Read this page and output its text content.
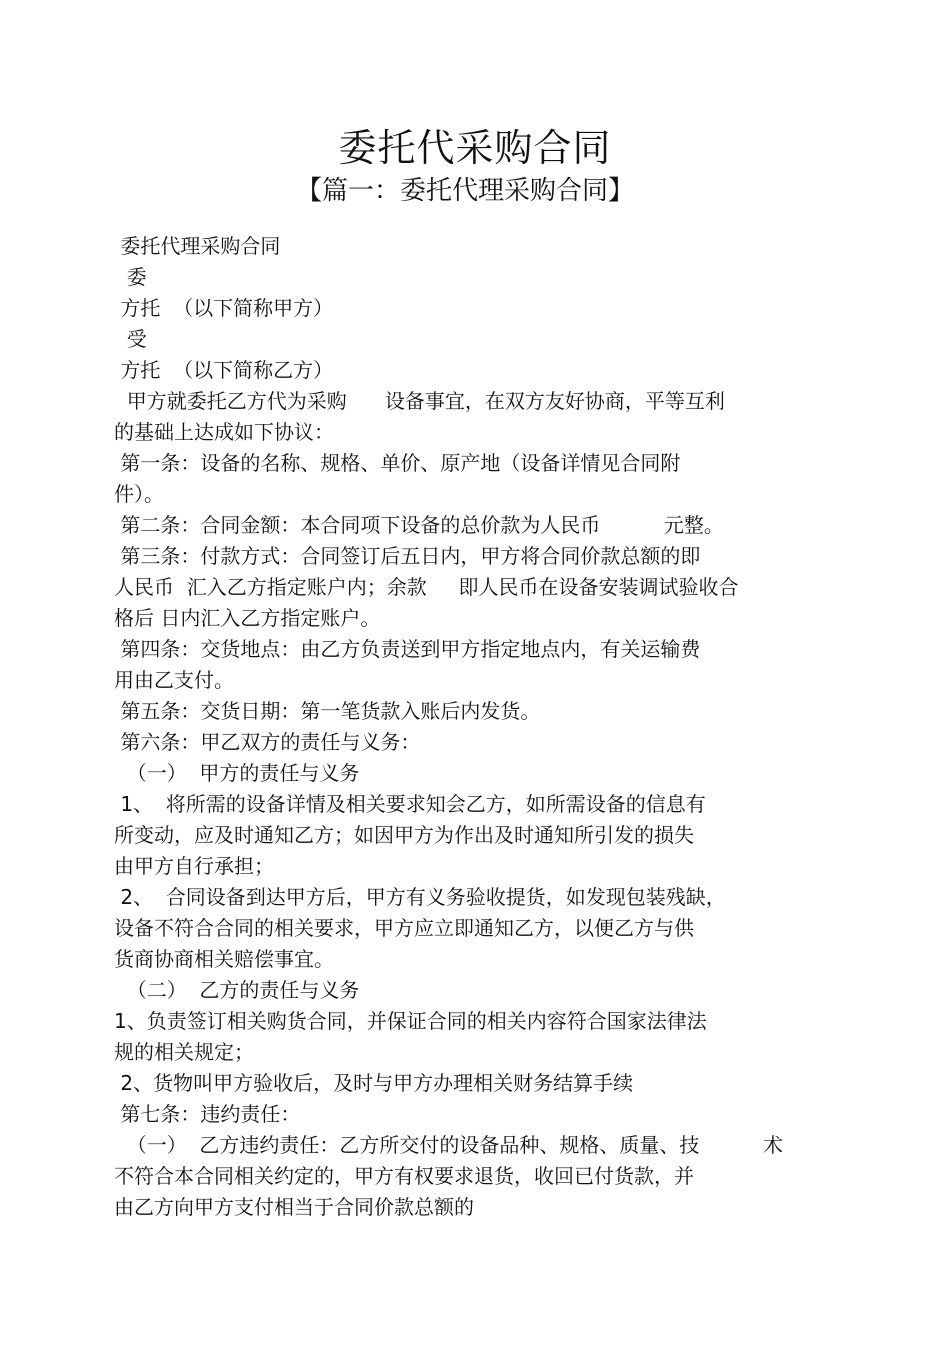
委托代采购合同
【篇一：委托代理采购合同】
委托代理采购合同
委
方托  （以下简称甲方）
受
方托  （以下简称乙方）
甲方就委托乙方代为采购      设备事宜，在双方友好协商，平等互利
的基础上达成如下协议：
第一条：设备的名称、规格、单价、原产地（设备详情见合同附
件）。
第二条：合同金额：本合同项下设备的总价款为人民币          元整。
第三条：付款方式：合同签订后五日内，甲方将合同价款总额的即
人民币  汇入乙方指定账户内；余款     即人民币在设备安装调试验收合
格后 日内汇入乙方指定账户。
第四条：交货地点：由乙方负责送到甲方指定地点内，有关运输费
用由乙支付。
第五条：交货日期：第一笔货款入账后内发货。
第六条：甲乙双方的责任与义务：
（一）  甲方的责任与义务
1、  将所需的设备详情及相关要求知会乙方，如所需设备的信息有
所变动，应及时通知乙方；如因甲方为作出及时通知所引发的损失
由甲方自行承担；
2、  合同设备到达甲方后，甲方有义务验收提货，如发现包装残缺，
设备不符合合同的相关要求，甲方应立即通知乙方，以便乙方与供
货商协商相关赔偿事宜。
（二）  乙方的责任与义务
1、负责签订相关购货合同，并保证合同的相关内容符合国家法律法
规的相关规定；
2、货物叫甲方验收后，及时与甲方办理相关财务结算手续
第七条：违约责任：
（一）  乙方违约责任：乙方所交付的设备品种、规格、质量、技          术
不符合本合同相关约定的，甲方有权要求退货，收回已付货款，并
由乙方向甲方支付相当于合同价款总额的
